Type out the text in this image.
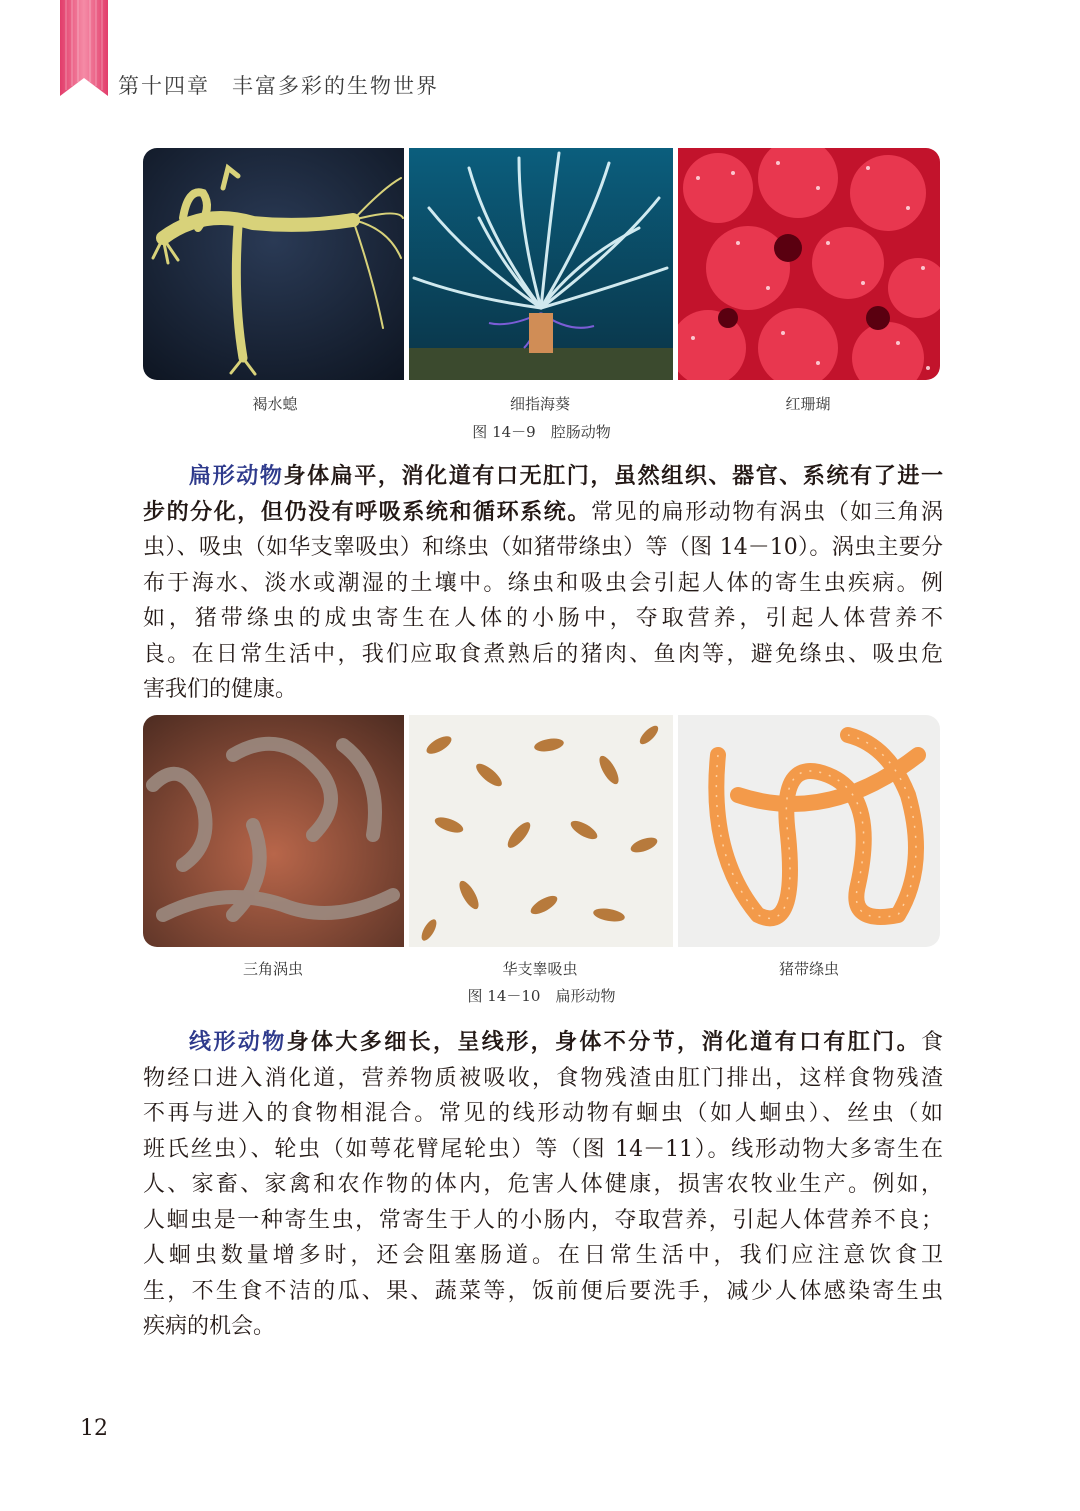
第十四章 丰富多彩的生物世界
褐水螅	细指海葵	红珊瑚
图 14－9　腔肠动物
扁形动物身体扁平，消化道有口无肛门，虽然组织、器官、系统有了进一
步的分化，但仍没有呼吸系统和循环系统。常见的扁形动物有涡虫（如三角涡
虫）、吸虫（如华支睾吸虫）和绦虫（如猪带绦虫）等（图 14－10）。涡虫主要分
布于海水、淡水或潮湿的土壤中。绦虫和吸虫会引起人体的寄生虫疾病。例
如，猪带绦虫的成虫寄生在人体的小肠中，夺取营养，引起人体营养不
良。在日常生活中，我们应取食煮熟后的猪肉、鱼肉等，避免绦虫、吸虫危
害我们的健康。
三角涡虫	华支睾吸虫	猪带绦虫
图 14－10　扁形动物
线形动物身体大多细长，呈线形，身体不分节，消化道有口有肛门。食
物经口进入消化道，营养物质被吸收，食物残渣由肛门排出，这样食物残渣
不再与进入的食物相混合。常见的线形动物有蛔虫（如人蛔虫）、丝虫（如
班氏丝虫）、轮虫（如萼花臂尾轮虫）等（图 14－11）。线形动物大多寄生在
人、家畜、家禽和农作物的体内，危害人体健康，损害农牧业生产。例如，
人蛔虫是一种寄生虫，常寄生于人的小肠内，夺取营养，引起人体营养不良；
人蛔虫数量增多时，还会阻塞肠道。在日常生活中，我们应注意饮食卫
生，不生食不洁的瓜、果、蔬菜等，饭前便后要洗手，减少人体感染寄生虫
疾病的机会。
12
